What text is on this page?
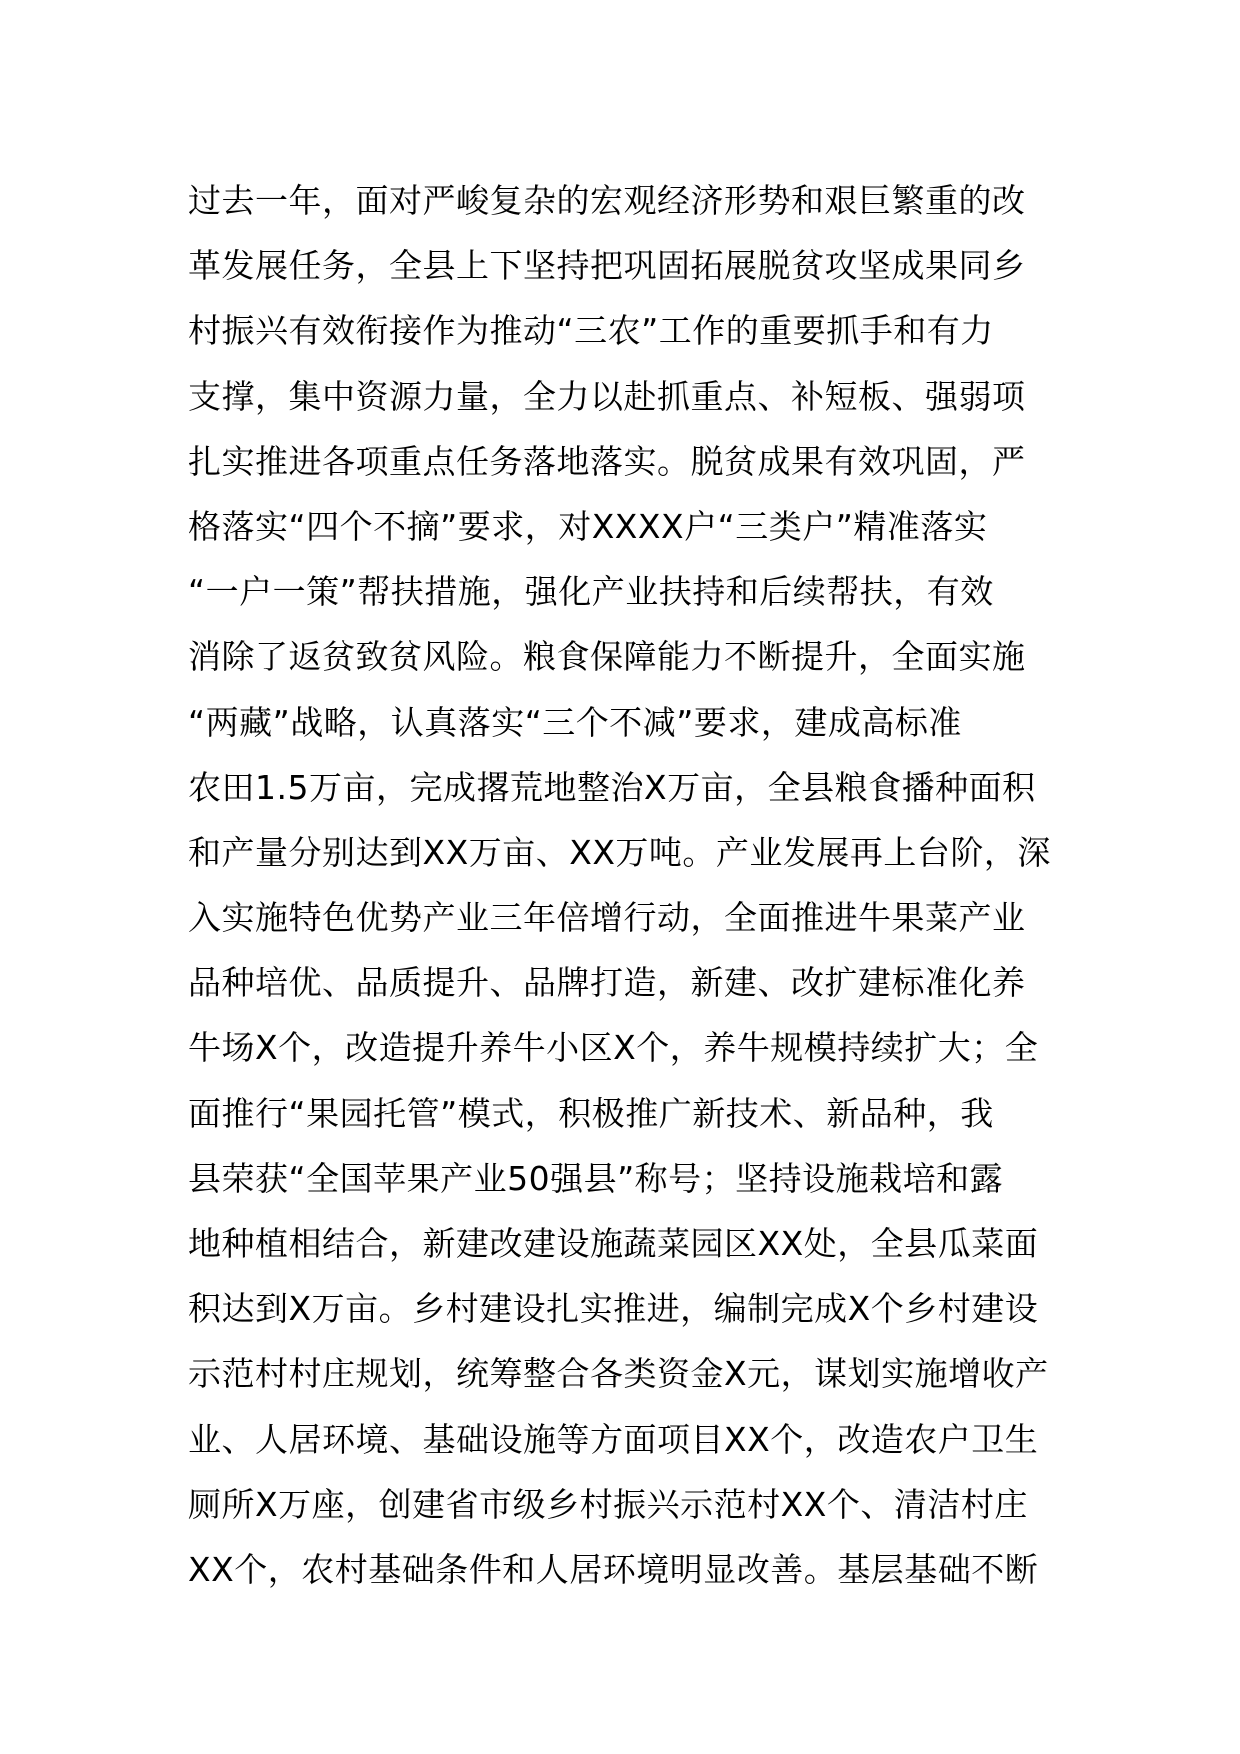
过去一年，面对严峻复杂的宏观经济形势和艰巨繁重的改
革发展任务，全县上下坚持把巩固拓展脱贫攻坚成果同乡
村振兴有效衔接作为推动“三农”工作的重要抓手和有力
支撑，集中资源力量，全力以赴抓重点、补短板、强弱项
扎实推进各项重点任务落地落实。脱贫成果有效巩固，严
格落实“四个不摘”要求，对XXXX户“三类户”精准落实
“一户一策”帮扶措施，强化产业扶持和后续帮扶，有效
消除了返贫致贫风险。粮食保障能力不断提升，全面实施
“两藏”战略，认真落实“三个不减”要求，建成高标准
农田1.5万亩，完成撂荒地整治X万亩，全县粮食播种面积
和产量分别达到XX万亩、XX万吨。产业发展再上台阶，深
入实施特色优势产业三年倍增行动，全面推进牛果菜产业
品种培优、品质提升、品牌打造，新建、改扩建标准化养
牛场X个，改造提升养牛小区X个，养牛规模持续扩大；全
面推行“果园托管”模式，积极推广新技术、新品种，我
县荣获“全国苹果产业50强县”称号；坚持设施栽培和露
地种植相结合，新建改建设施蔬菜园区XX处，全县瓜菜面
积达到X万亩。乡村建设扎实推进，编制完成X个乡村建设
示范村村庄规划，统筹整合各类资金X元，谋划实施增收产
业、人居环境、基础设施等方面项目XX个，改造农户卫生
厕所X万座，创建省市级乡村振兴示范村XX个、清洁村庄
XX个，农村基础条件和人居环境明显改善。基层基础不断
